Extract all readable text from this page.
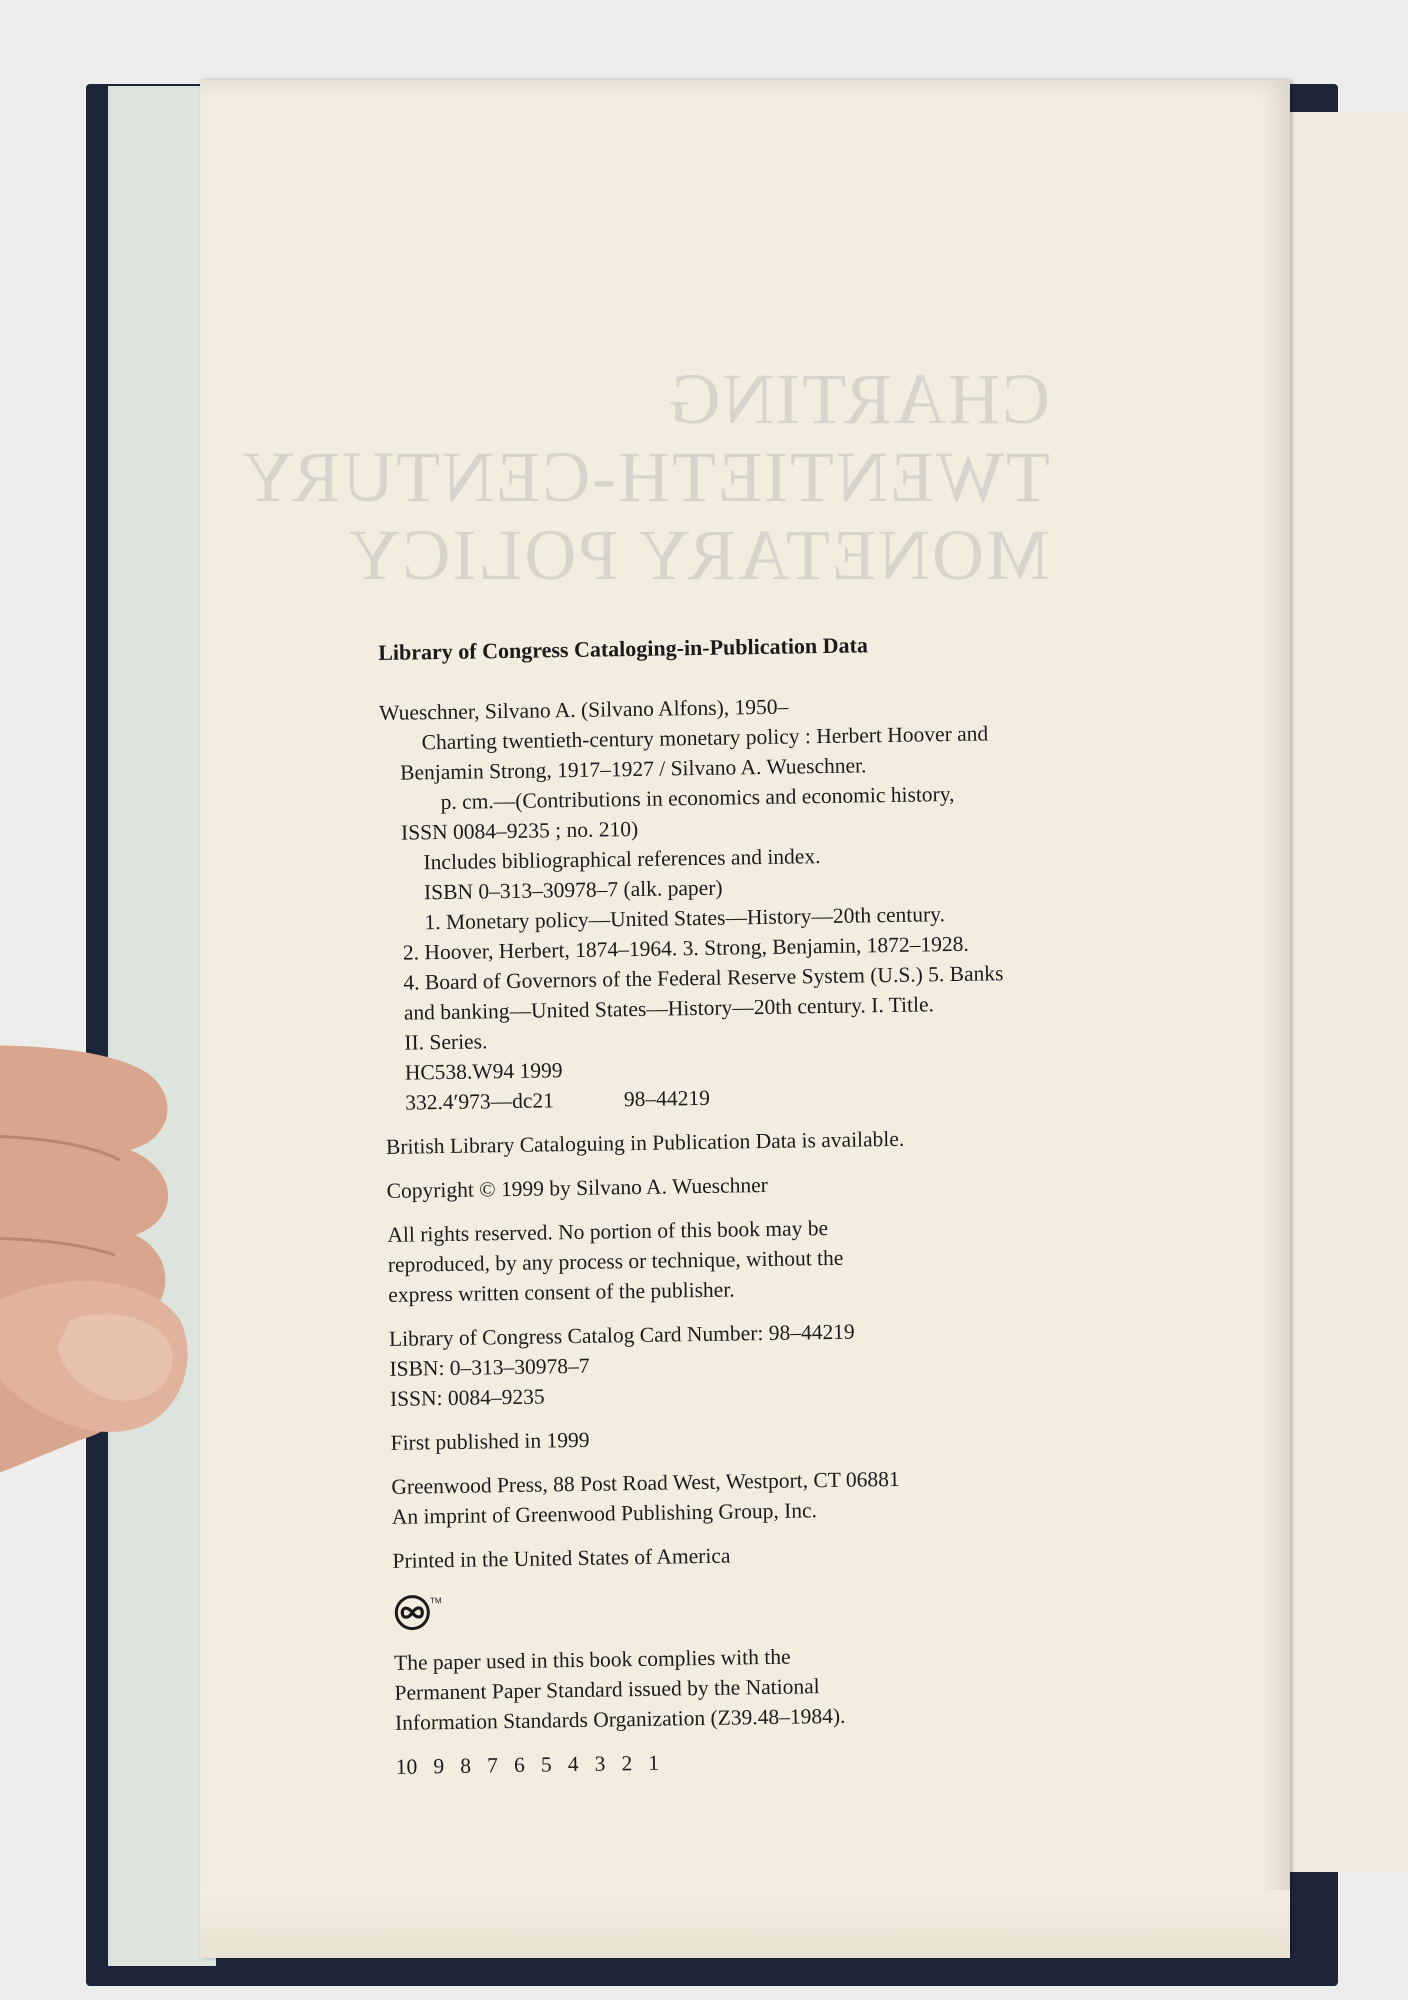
CHARTING
TWENTIETH-CENTURY
MONETARY POLICY

Library of Congress Cataloging-in-Publication Data

Wueschner, Silvano A. (Silvano Alfons), 1950–

Charting twentieth-century monetary policy : Herbert Hoover and

Benjamin Strong, 1917–1927 / Silvano A. Wueschner.

p. cm.—(Contributions in economics and economic history,

ISSN 0084–9235 ; no. 210)

Includes bibliographical references and index.

ISBN 0–313–30978–7 (alk. paper)

1. Monetary policy—United States—History—20th century.

2. Hoover, Herbert, 1874–1964. 3. Strong, Benjamin, 1872–1928.

4. Board of Governors of the Federal Reserve System (U.S.) 5. Banks

and banking—United States—History—20th century. I. Title.

II. Series.

HC538.W94 1999

332.4′973—dc21	98–44219

British Library Cataloguing in Publication Data is available.

Copyright © 1999 by Silvano A. Wueschner

All rights reserved. No portion of this book may be

reproduced, by any process or technique, without the

express written consent of the publisher.

Library of Congress Catalog Card Number: 98–44219

ISBN: 0–313–30978–7

ISSN: 0084–9235

First published in 1999

Greenwood Press, 88 Post Road West, Westport, CT 06881

An imprint of Greenwood Publishing Group, Inc.

Printed in the United States of America

TM

The paper used in this book complies with the

Permanent Paper Standard issued by the National

Information Standards Organization (Z39.48–1984).

10   9   8   7   6   5   4   3   2   1
